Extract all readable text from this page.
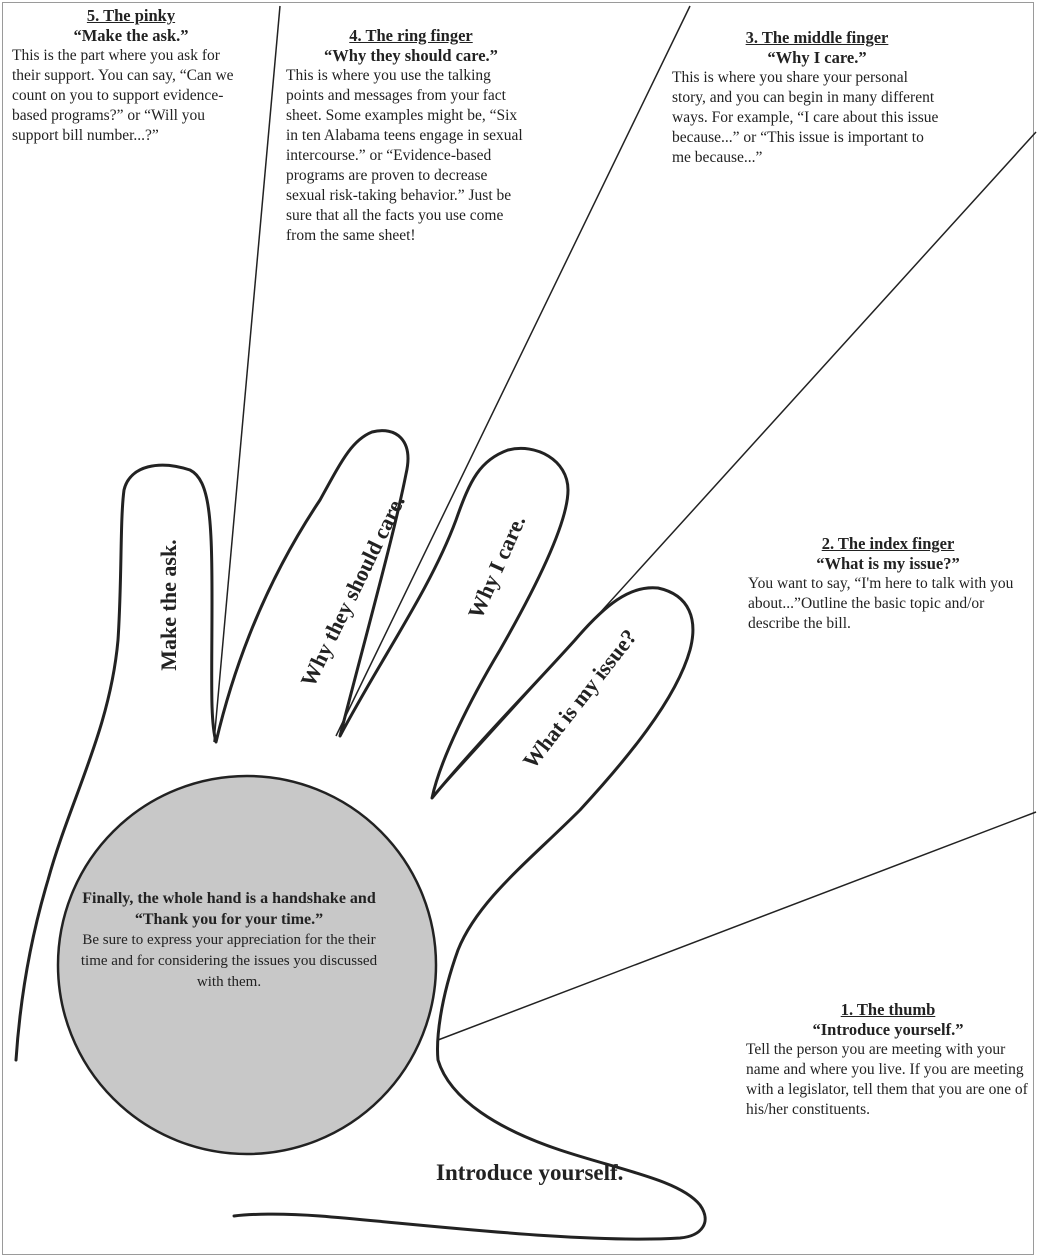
5. The pinky
“Make the ask.”
This is the part where you ask for their support. You can say, “Can we count on you to support evidence-based programs?” or “Will you support bill number...?”
4. The ring finger
“Why they should care.”
This is where you use the talking points and messages from your fact sheet. Some examples might be, “Six in ten Alabama teens engage in sexual intercourse.” or “Evidence-based programs are proven to decrease sexual risk-taking behavior.” Just be sure that all the facts you use come from the same sheet!
3. The middle finger
“Why I care.”
This is where you share your personal story, and you can begin in many different ways. For example, “I care about this issue because...” or “This issue is important to me because...”
2. The index finger
“What is my issue?”
You want to say, “I'm here to talk with you about...”Outline the basic topic and/or describe the bill.
1. The thumb
“Introduce yourself.”
Tell the person you are meeting with your name and where you live. If you are meeting with a legislator, tell them that you are one of his/her constituents.
Make the ask.	Why they should care. Why I care.
What is my issue?
Introduce yourself.
Finally, the whole hand is a handshake and
“Thank you for your time.”
Be sure to express your appreciation for the their time and for considering the issues you discussed with them.
